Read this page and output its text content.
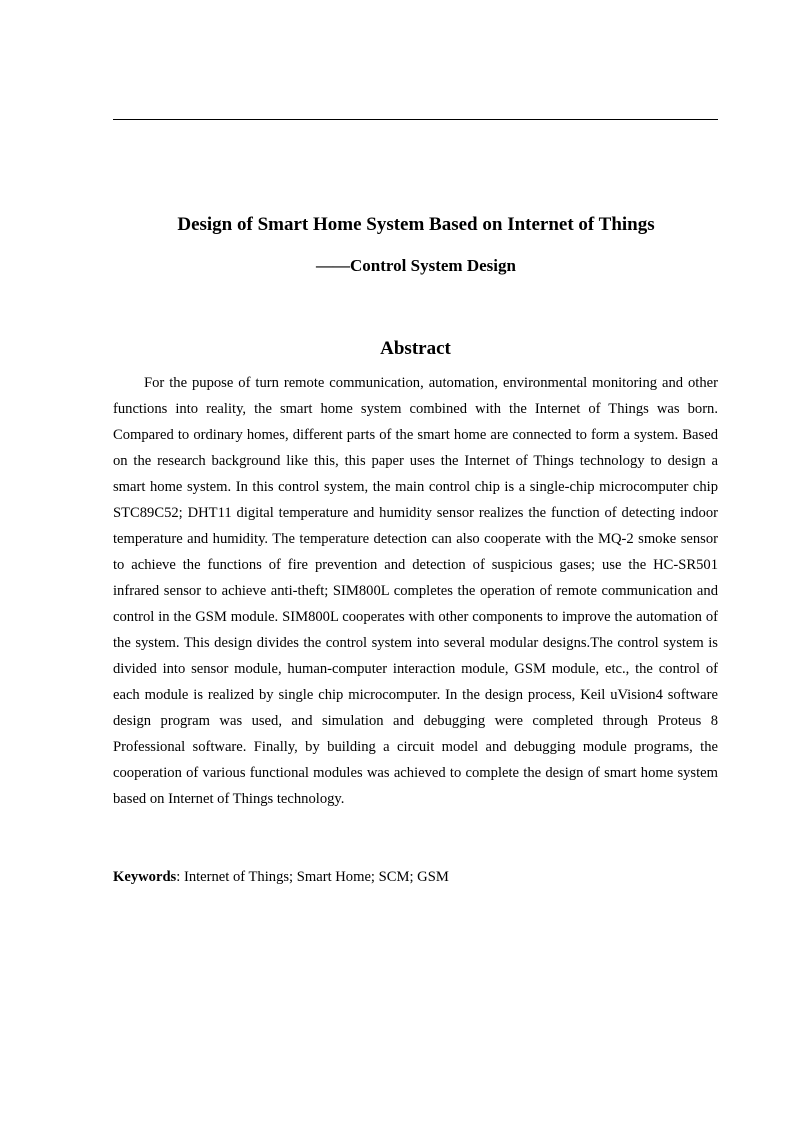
Design of Smart Home System Based on Internet of Things
——Control System Design
Abstract

For the pupose of turn remote communication, automation, environmental monitoring and other functions into reality, the smart home system combined with the Internet of Things was born. Compared to ordinary homes, different parts of the smart home are connected to form a system. Based on the research background like this, this paper uses the Internet of Things technology to design a smart home system. In this control system, the main control chip is a single-chip microcomputer chip STC89C52; DHT11 digital temperature and humidity sensor realizes the function of detecting indoor temperature and humidity. The temperature detection can also cooperate with the MQ-2 smoke sensor to achieve the functions of fire prevention and detection of suspicious gases; use the HC-SR501 infrared sensor to achieve anti-theft; SIM800L completes the operation of remote communication and control in the GSM module. SIM800L cooperates with other components to improve the automation of the system. This design divides the control system into several modular designs.The control system is divided into sensor module, human-computer interaction module, GSM module, etc., the control of each module is realized by single chip microcomputer. In the design process, Keil uVision4 software design program was used, and simulation and debugging were completed through Proteus 8 Professional software. Finally, by building a circuit model and debugging module programs, the cooperation of various functional modules was achieved to complete the design of smart home system based on Internet of Things technology.

Keywords: Internet of Things; Smart Home; SCM; GSM
